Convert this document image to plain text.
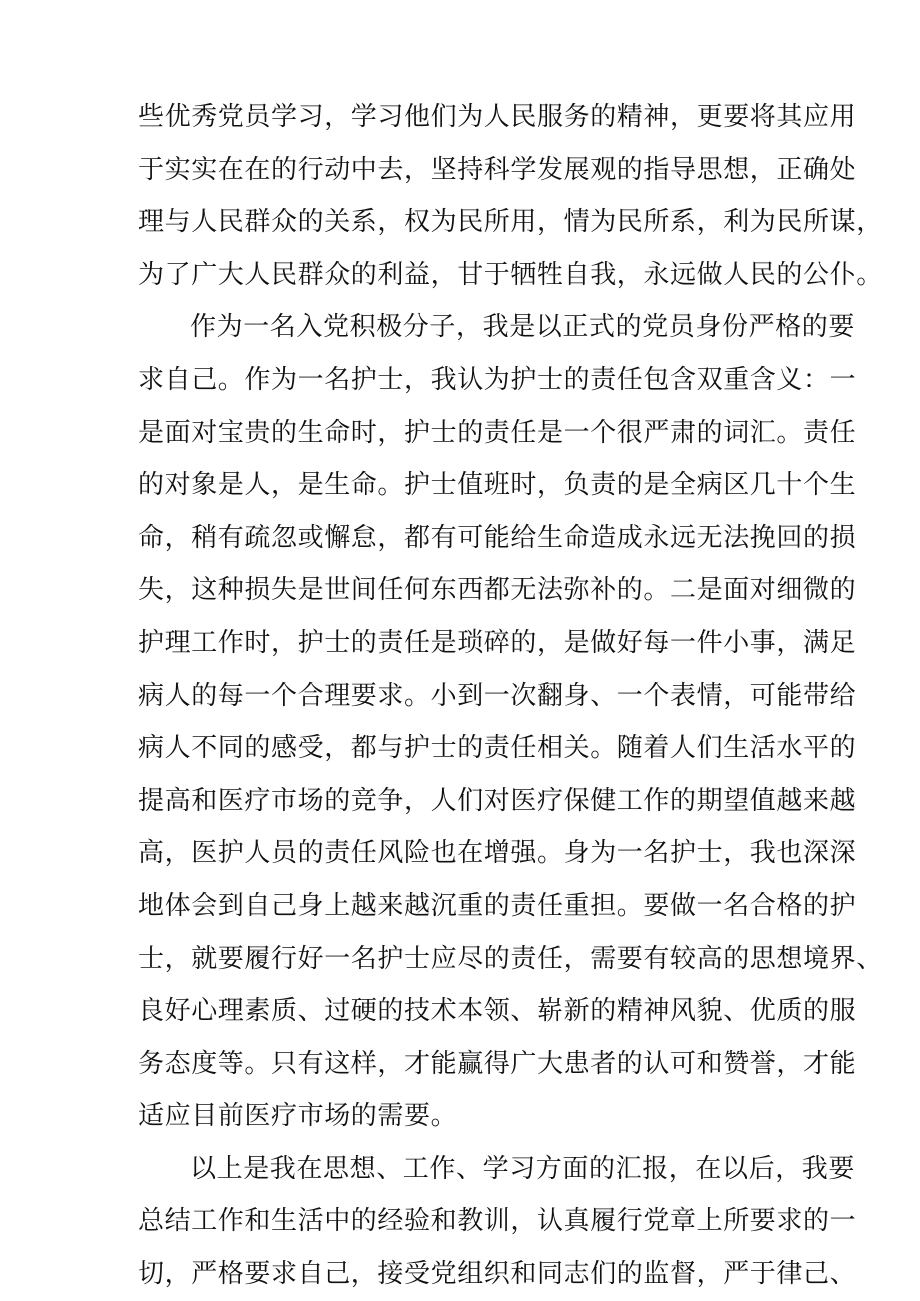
些优秀党员学习，学习他们为人民服务的精神，更要将其应用
于实实在在的行动中去，坚持科学发展观的指导思想，正确处
理与人民群众的关系，权为民所用，情为民所系，利为民所谋，
为了广大人民群众的利益，甘于牺牲自我，永远做人民的公仆。

作为一名入党积极分子，我是以正式的党员身份严格的要
求自己。作为一名护士，我认为护士的责任包含双重含义：一
是面对宝贵的生命时，护士的责任是一个很严肃的词汇。责任
的对象是人，是生命。护士值班时，负责的是全病区几十个生
命，稍有疏忽或懈怠，都有可能给生命造成永远无法挽回的损
失，这种损失是世间任何东西都无法弥补的。二是面对细微的
护理工作时，护士的责任是琐碎的，是做好每一件小事，满足
病人的每一个合理要求。小到一次翻身、一个表情，可能带给
病人不同的感受，都与护士的责任相关。随着人们生活水平的
提高和医疗市场的竞争，人们对医疗保健工作的期望值越来越
高，医护人员的责任风险也在增强。身为一名护士，我也深深
地体会到自己身上越来越沉重的责任重担。要做一名合格的护
士，就要履行好一名护士应尽的责任，需要有较高的思想境界、
良好心理素质、过硬的技术本领、崭新的精神风貌、优质的服
务态度等。只有这样，才能赢得广大患者的认可和赞誉，才能
适应目前医疗市场的需要。

以上是我在思想、工作、学习方面的汇报，在以后，我要
总结工作和生活中的经验和教训，认真履行党章上所要求的一
切，严格要求自己，接受党组织和同志们的监督，严于律己、
